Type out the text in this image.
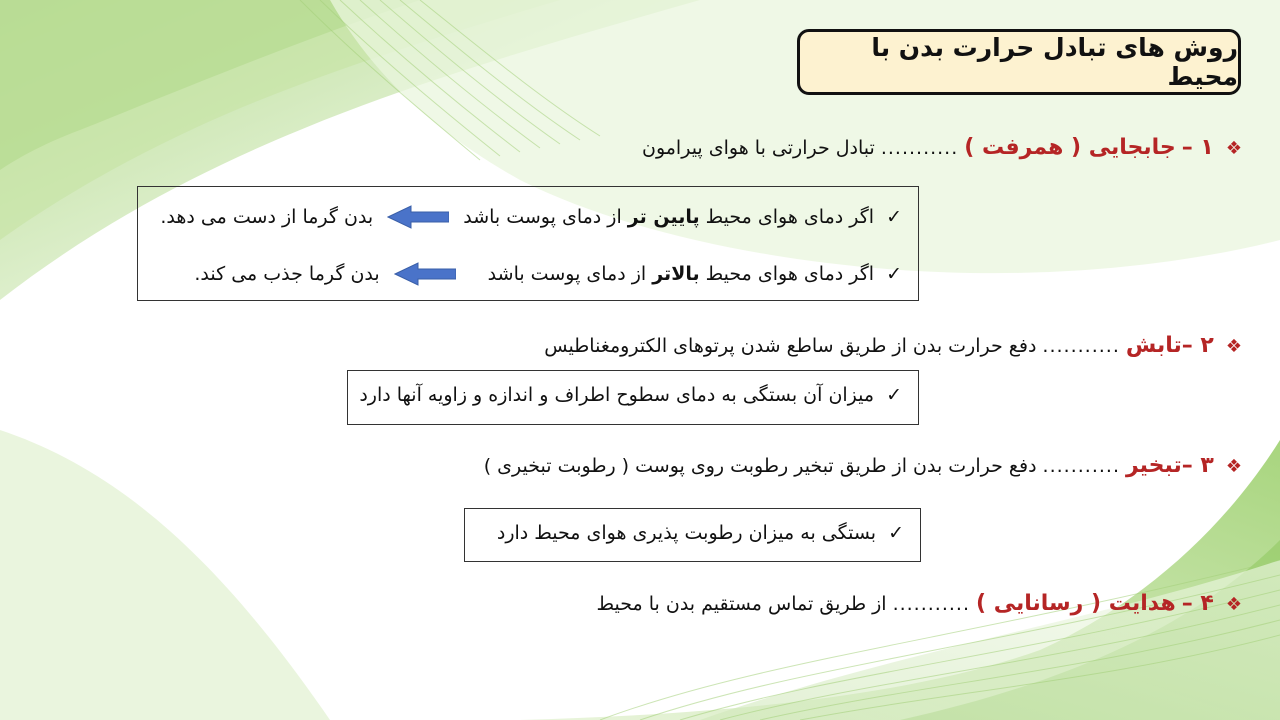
روش های تبادل حرارت بدن با محیط
❖
۱ –
جابجایی ( همرفت )
...........
تبادل حرارتی با هوای پیرامون
✓
اگر دمای هوای محیط پایین تر از دمای پوست باشد
بدن گرما از دست می دهد.
✓
اگر دمای هوای محیط بالاتر از دمای پوست باشد
بدن گرما جذب می کند.
❖
۲ –
تابش
...........
دفع حرارت بدن از طریق ساطع شدن پرتوهای الکترومغناطیس
✓
میزان آن بستگی به دمای سطوح اطراف و اندازه و زاویه آنها دارد
❖
۳ –
تبخیر
...........
دفع حرارت بدن از طریق تبخیر رطوبت روی پوست ( رطوبت تبخیری )
✓
بستگی به میزان رطوبت پذیری هوای محیط دارد
❖
۴ –
هدایت ( رسانایی )
...........
از طریق تماس مستقیم بدن با محیط
